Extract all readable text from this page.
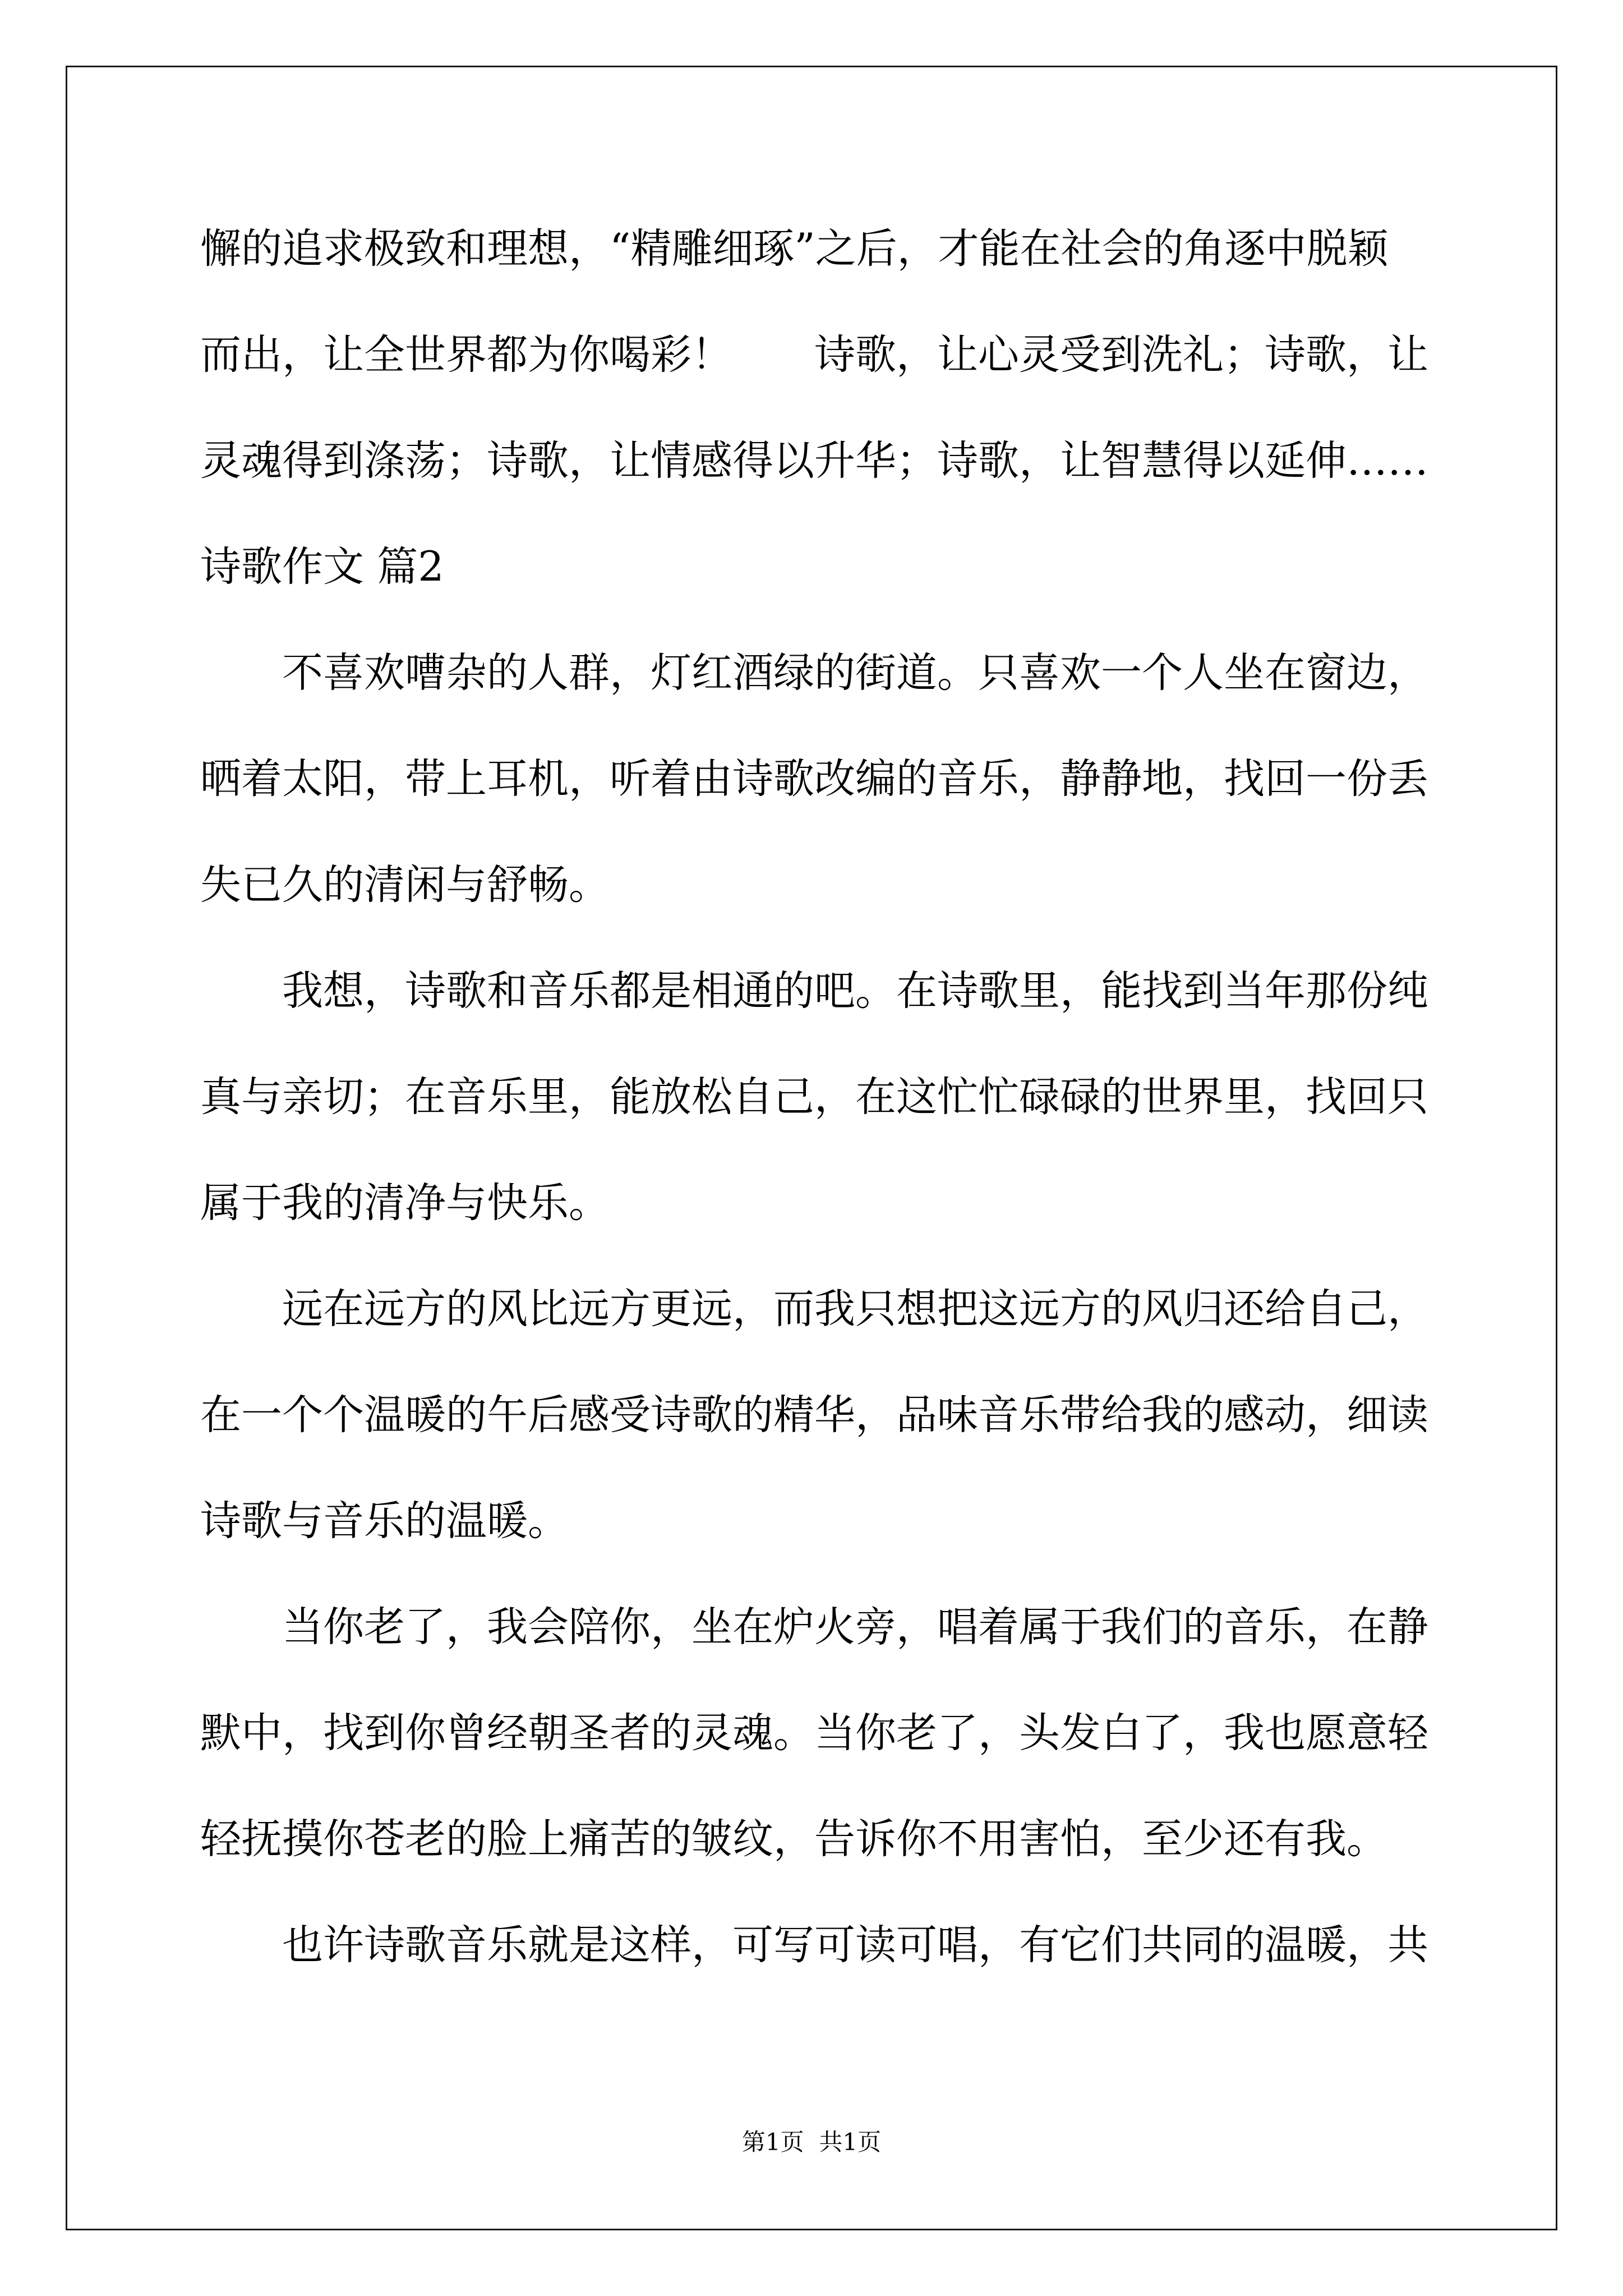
懈的追求极致和理想，“精雕细琢”之后，才能在社会的角逐中脱颖
而出，让全世界都为你喝彩！　　诗歌，让心灵受到洗礼；诗歌，让
灵魂得到涤荡；诗歌，让情感得以升华；诗歌，让智慧得以延伸……
诗歌作文 篇2
不喜欢嘈杂的人群，灯红酒绿的街道。只喜欢一个人坐在窗边，
晒着太阳，带上耳机，听着由诗歌改编的音乐，静静地，找回一份丢
失已久的清闲与舒畅。
我想，诗歌和音乐都是相通的吧。在诗歌里，能找到当年那份纯
真与亲切；在音乐里，能放松自己，在这忙忙碌碌的世界里，找回只
属于我的清净与快乐。
远在远方的风比远方更远，而我只想把这远方的风归还给自己，
在一个个温暖的午后感受诗歌的精华，品味音乐带给我的感动，细读
诗歌与音乐的温暖。
当你老了，我会陪你，坐在炉火旁，唱着属于我们的音乐，在静
默中，找到你曾经朝圣者的灵魂。当你老了，头发白了，我也愿意轻
轻抚摸你苍老的脸上痛苦的皱纹，告诉你不用害怕，至少还有我。
也许诗歌音乐就是这样，可写可读可唱，有它们共同的温暖，共
第1页  共1页
